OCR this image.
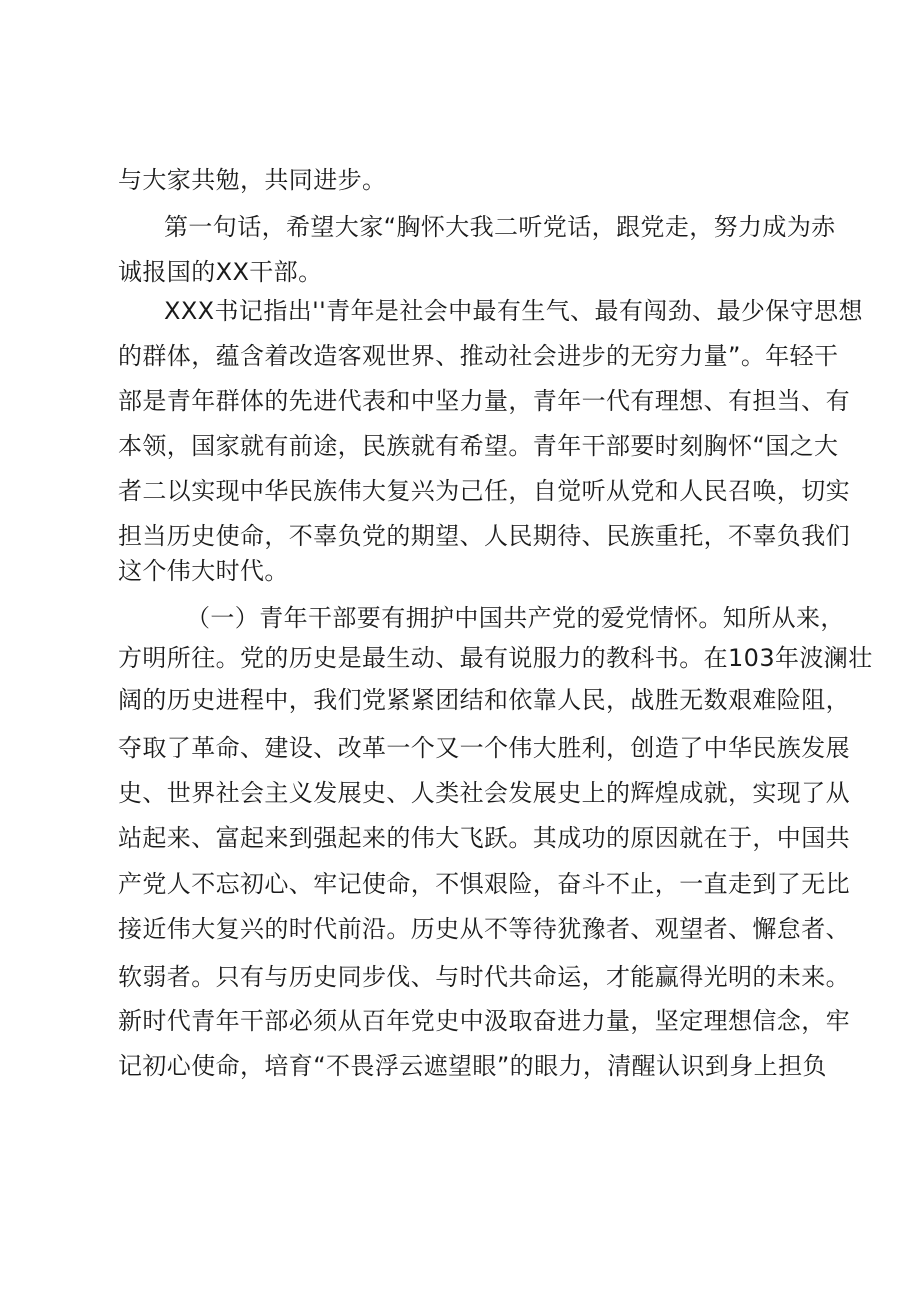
与大家共勉，共同进步。
第一句话，希望大家“胸怀大我二听党话，跟党走，努力成为赤
诚报国的XX干部。
XXX书记指出''青年是社会中最有生气、最有闯劲、最少保守思想
的群体，蕴含着改造客观世界、推动社会进步的无穷力量”。年轻干
部是青年群体的先进代表和中坚力量，青年一代有理想、有担当、有
本领，国家就有前途，民族就有希望。青年干部要时刻胸怀“国之大
者二以实现中华民族伟大复兴为己任，自觉听从党和人民召唤，切实
担当历史使命，不辜负党的期望、人民期待、民族重托，不辜负我们
这个伟大时代。
（一）青年干部要有拥护中国共产党的爱党情怀。知所从来，
方明所往。党的历史是最生动、最有说服力的教科书。在103年波澜壮
阔的历史进程中，我们党紧紧团结和依靠人民，战胜无数艰难险阻，
夺取了革命、建设、改革一个又一个伟大胜利，创造了中华民族发展
史、世界社会主义发展史、人类社会发展史上的辉煌成就，实现了从
站起来、富起来到强起来的伟大飞跃。其成功的原因就在于，中国共
产党人不忘初心、牢记使命，不惧艰险，奋斗不止，一直走到了无比
接近伟大复兴的时代前沿。历史从不等待犹豫者、观望者、懈怠者、
软弱者。只有与历史同步伐、与时代共命运，才能赢得光明的未来。
新时代青年干部必须从百年党史中汲取奋进力量，坚定理想信念，牢
记初心使命，培育“不畏浮云遮望眼”的眼力，清醒认识到身上担负
